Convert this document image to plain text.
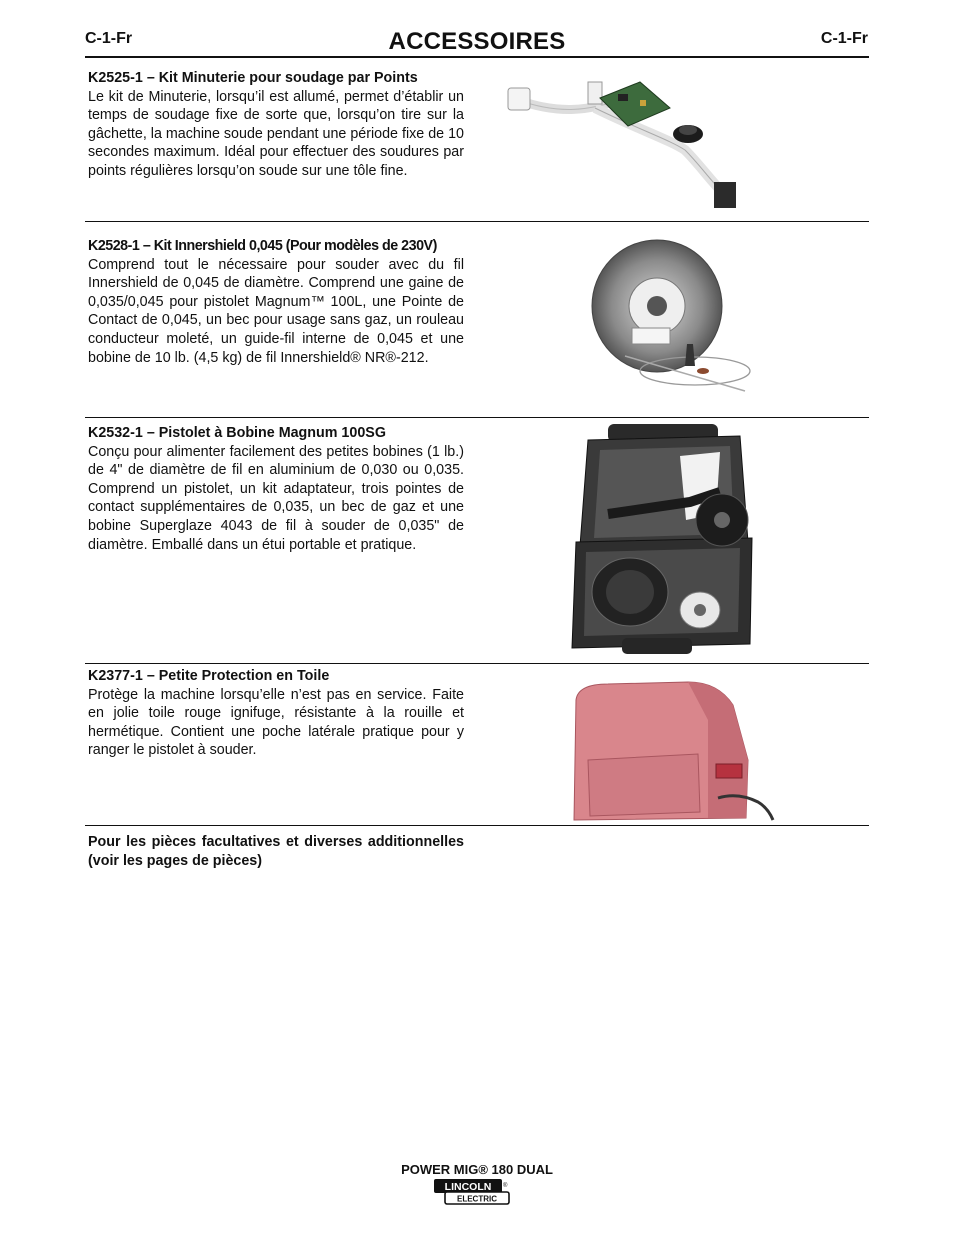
C-1-Fr	ACCESSOIRES	C-1-Fr
K2525-1 – Kit Minuterie pour soudage par Points

Le kit de Minuterie, lorsqu’il est allumé, permet d’établir un temps de soudage fixe de sorte que, lorsqu’on tire sur la gâchette, la machine soude pendant une période fixe de 10 secondes maximum. Idéal pour effectuer des soudures par points régulières lorsqu’on soude sur une tôle fine.

K2528-1 – Kit Innershield 0,045 (Pour modèles de 230V)

Comprend tout le nécessaire pour souder avec du fil Innershield de 0,045 de diamètre. Comprend une gaine de 0,035/0,045 pour pistolet Magnum™ 100L, une Pointe de Contact de 0,045, un bec pour usage sans gaz, un rouleau conducteur moleté, un guide-fil interne de 0,045 et une bobine de 10 lb. (4,5 kg) de fil Innershield® NR®-212.

K2532-1 – Pistolet à Bobine Magnum 100SG

Conçu pour alimenter facilement des petites bobines (1 lb.) de 4" de diamètre de fil en aluminium de 0,030 ou 0,035. Comprend un pistolet, un kit adaptateur, trois pointes de contact supplémentaires de 0,035, un bec de gaz et une bobine Superglaze 4043 de fil à souder de 0,035" de diamètre. Emballé dans un étui portable et pratique.

K2377-1 – Petite Protection en Toile

Protège la machine lorsqu’elle n’est pas en service. Faite en jolie toile rouge ignifuge, résistante à la rouille et hermétique. Contient une poche latérale pratique pour y ranger le pistolet à souder.

Pour les pièces facultatives et diverses additionnelles (voir les pages de pièces)
POWER MIG® 180 DUAL
LINCOLN
ELECTRIC
®
